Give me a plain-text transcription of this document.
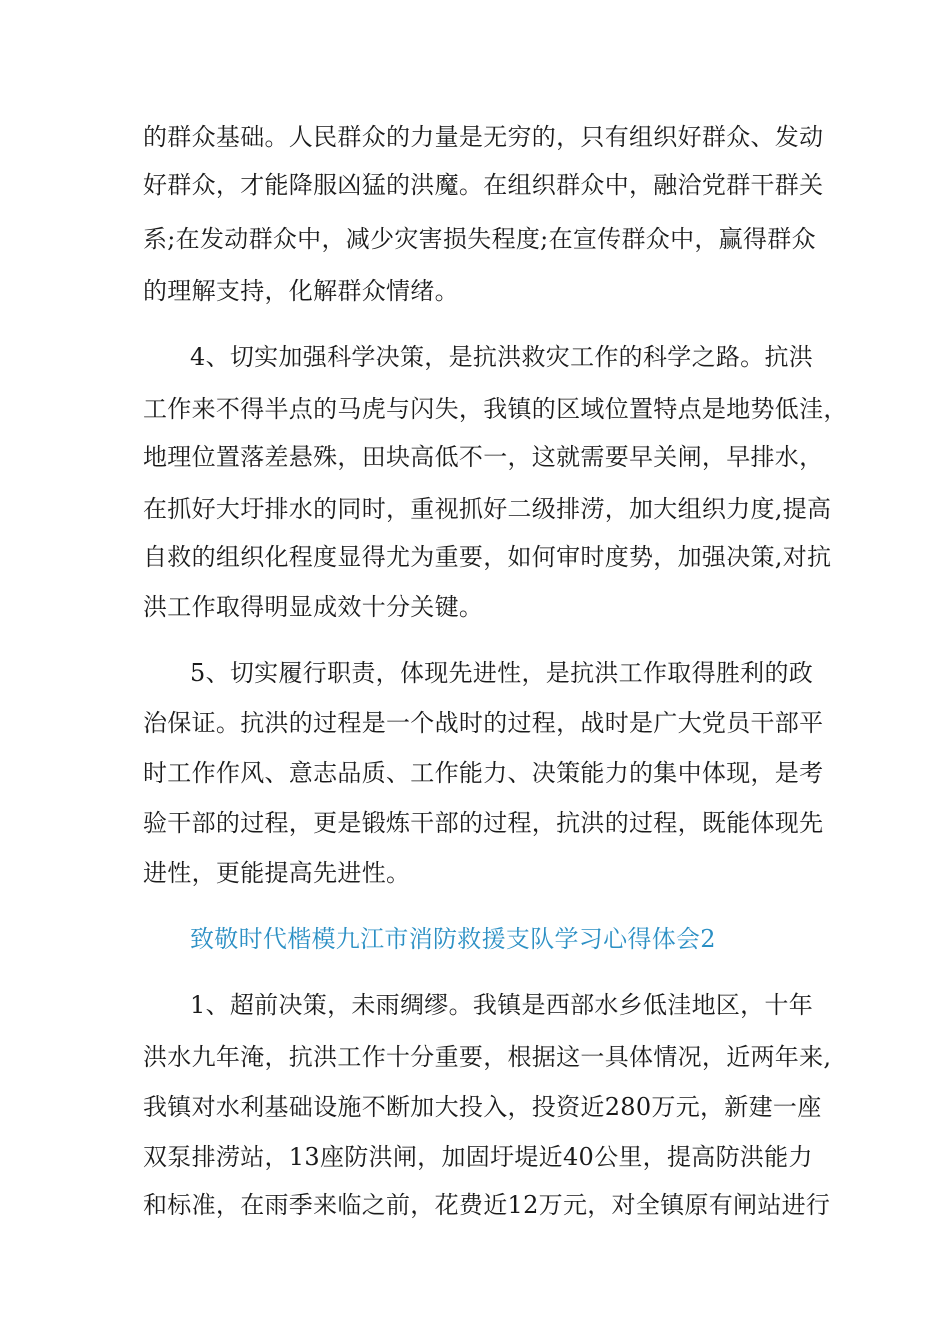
的群众基础。人民群众的力量是无穷的，只有组织好群众、发动
好群众，才能降服凶猛的洪魔。在组织群众中，融洽党群干群关
系;在发动群众中，减少灾害损失程度;在宣传群众中，赢得群众
的理解支持，化解群众情绪。
4、切实加强科学决策，是抗洪救灾工作的科学之路。抗洪
工作来不得半点的马虎与闪失，我镇的区域位置特点是地势低洼，
地理位置落差悬殊，田块高低不一，这就需要早关闸，早排水，
在抓好大圩排水的同时，重视抓好二级排涝，加大组织力度,提高
自救的组织化程度显得尤为重要，如何审时度势，加强决策,对抗
洪工作取得明显成效十分关键。
5、切实履行职责，体现先进性，是抗洪工作取得胜利的政
治保证。抗洪的过程是一个战时的过程，战时是广大党员干部平
时工作作风、意志品质、工作能力、决策能力的集中体现，是考
验干部的过程，更是锻炼干部的过程，抗洪的过程，既能体现先
进性，更能提高先进性。
致敬时代楷模九江市消防救援支队学习心得体会2
1、超前决策，未雨绸缪。我镇是西部水乡低洼地区，十年
洪水九年淹，抗洪工作十分重要，根据这一具体情况，近两年来,
我镇对水利基础设施不断加大投入，投资近280万元，新建一座
双泵排涝站，13座防洪闸，加固圩堤近40公里，提高防洪能力
和标准，在雨季来临之前，花费近12万元，对全镇原有闸站进行
